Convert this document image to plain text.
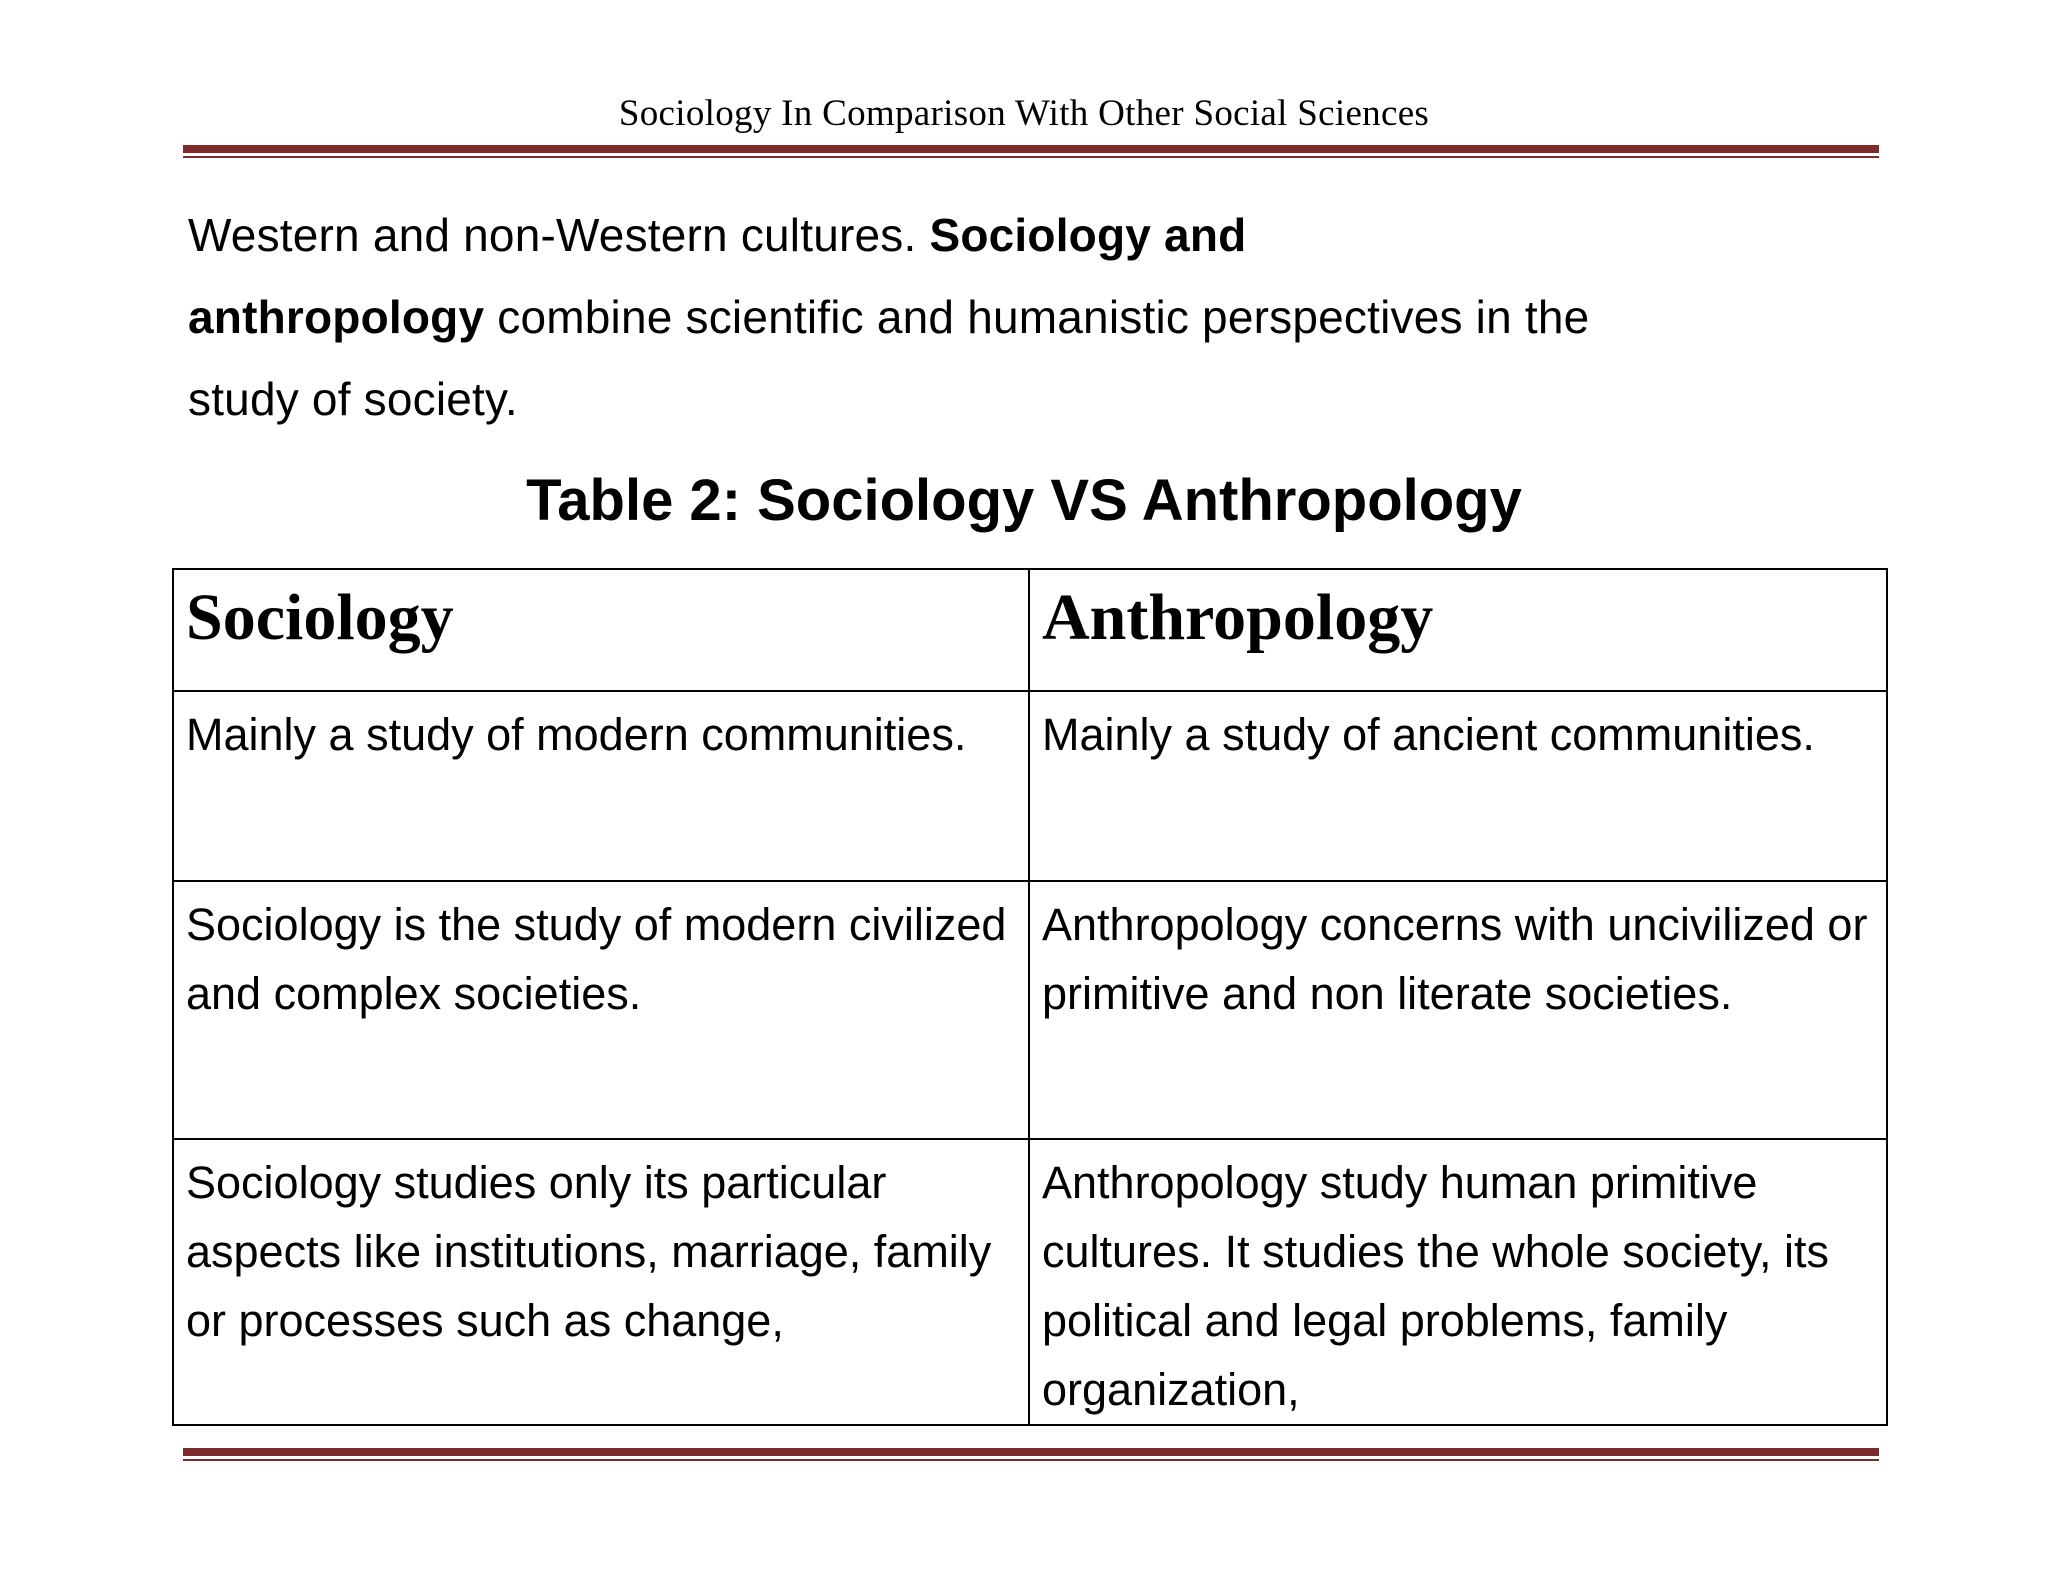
Sociology In Comparison With Other Social Sciences
Western and non-Western cultures. Sociology and
anthropology combine scientific and humanistic perspectives in the
study of society.
Table 2: Sociology VS Anthropology
Sociology	Anthropology
Mainly a study of modern communities.	Mainly a study of ancient communities.
Sociology is the study of modern civilized and complex societies.	Anthropology concerns with uncivilized or primitive and non literate societies.
Sociology studies only its particular aspects like institutions, marriage, family or processes such as change,	Anthropology study human primitive cultures. It studies the whole society, its political and legal problems, family organization,
